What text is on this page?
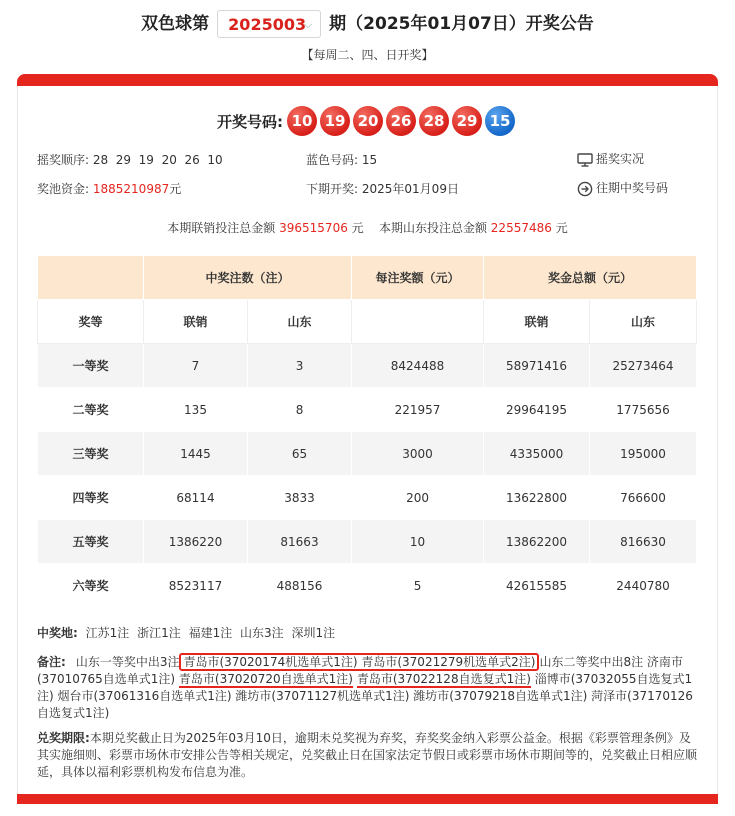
双色球第 2025003
⌵ 期（2025年01月07日）开奖公告
【每周二、四、日开奖】
开奖号码: 10 19 20 26 28 29 15
摇奖顺序: 28  29  19  20  26  10	蓝色号码: 15	摇奖实况
奖池资金: 1885210987元	下期开奖: 2025年01月09日	往期中奖号码
本期联销投注总金额 396515706 元 本期山东投注总金额 22557486 元
	中奖注数（注）		每注奖额（元）	奖金总额（元）	
奖等	联销	山东		联销	山东
一等奖	7	3	8424488	58971416	25273464
二等奖	135	8	221957	29964195	1775656
三等奖	1445	65	3000	4335000	195000
四等奖	68114	3833	200	13622800	766600
五等奖	1386220	81663	10	13862200	816630
六等奖	8523117	488156	5	42615585	2440780
中奖地: 江苏1注 浙江1注 福建1注 山东3注 深圳1注
备注: 山东一等奖中出3注 青岛市(37020174机选单式1注) 青岛市(37021279机选单式2注) 山东二等奖中出8注 济南市(37010765自选单式1注) 青岛市(37020720自选单式1注) 青岛市(37022128自选复式1注) 淄博市(37032055自选复式1注) 烟台市(37061316自选单式1注) 潍坊市(37071127机选单式1注) 潍坊市(37079218自选单式1注) 菏泽市(37170126自选复式1注)
兑奖期限:本期兑奖截止日为2025年03月10日，逾期未兑奖视为弃奖，弃奖奖金纳入彩票公益金。根据《彩票管理条例》及其实施细则、彩票市场休市安排公告等相关规定，兑奖截止日在国家法定节假日或彩票市场休市期间等的，兑奖截止日相应顺延，具体以福利彩票机构发布信息为准。
